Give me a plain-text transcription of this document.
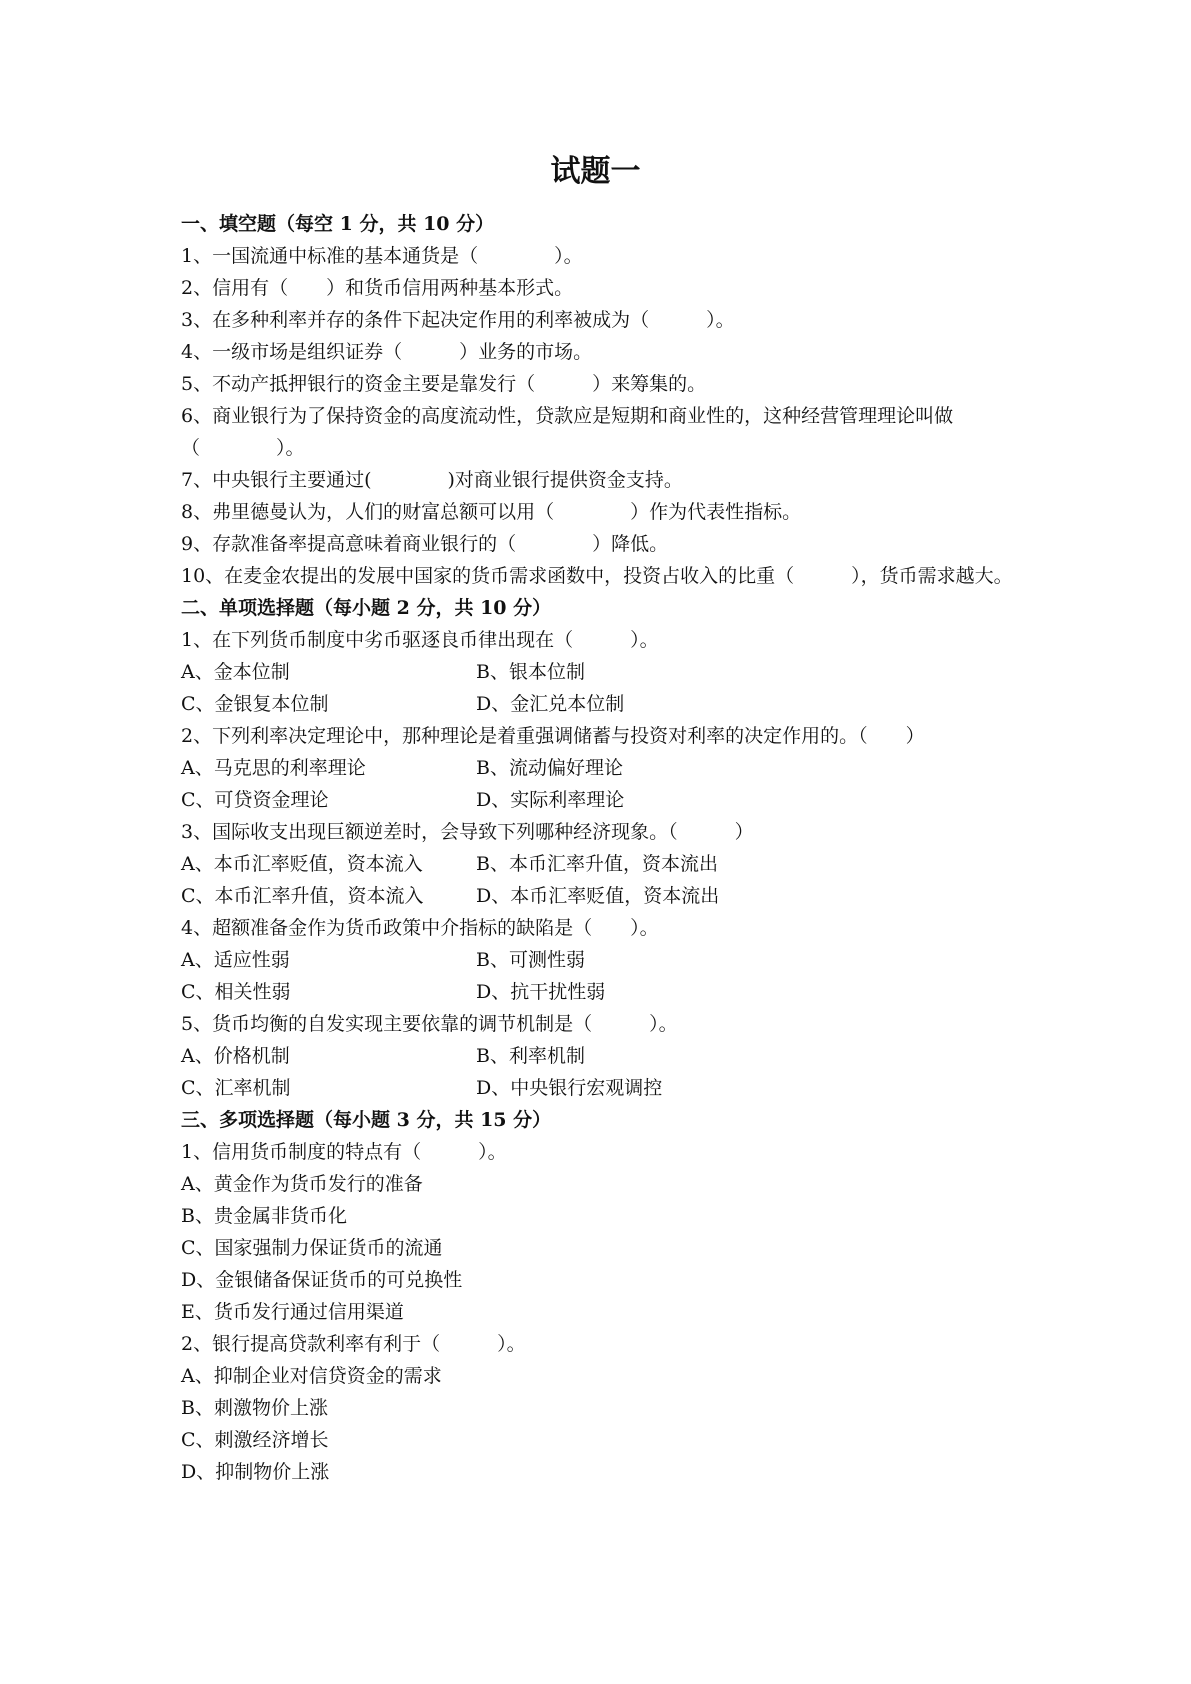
试题一
一、填空题（每空 1 分，共 10 分）
1、一国流通中标准的基本通货是（　　　　）。
2、信用有（　　）和货币信用两种基本形式。
3、在多种利率并存的条件下起决定作用的利率被成为（　　　）。
4、一级市场是组织证券（　　　）业务的市场。
5、不动产抵押银行的资金主要是靠发行（　　　）来筹集的。
6、商业银行为了保持资金的高度流动性，贷款应是短期和商业性的，这种经营管理理论叫做（　　　　）。
7、中央银行主要通过(　　　　)对商业银行提供资金支持。
8、弗里德曼认为，人们的财富总额可以用（　　　　）作为代表性指标。
9、存款准备率提高意味着商业银行的（　　　　）降低。
10、在麦金农提出的发展中国家的货币需求函数中，投资占收入的比重（　　　），货币需求越大。
二、单项选择题（每小题 2 分，共 10 分）
1、在下列货币制度中劣币驱逐良币律出现在（　　　）。
A、金本位制	B、银本位制
C、金银复本位制	D、金汇兑本位制
2、下列利率决定理论中，那种理论是着重强调储蓄与投资对利率的决定作用的。（　　）
A、马克思的利率理论	B、流动偏好理论
C、可贷资金理论	D、实际利率理论
3、国际收支出现巨额逆差时，会导致下列哪种经济现象。（　　　）
A、本币汇率贬值，资本流入	B、本币汇率升值，资本流出
C、本币汇率升值，资本流入	D、本币汇率贬值，资本流出
4、超额准备金作为货币政策中介指标的缺陷是（　　）。
A、适应性弱	B、可测性弱
C、相关性弱	D、抗干扰性弱
5、货币均衡的自发实现主要依靠的调节机制是（　　　）。
A、价格机制	B、利率机制
C、汇率机制	D、中央银行宏观调控
三、多项选择题（每小题 3 分，共 15 分）
1、信用货币制度的特点有（　　　）。
A、黄金作为货币发行的准备
B、贵金属非货币化
C、国家强制力保证货币的流通
D、金银储备保证货币的可兑换性
E、货币发行通过信用渠道
2、银行提高贷款利率有利于（　　　）。
A、抑制企业对信贷资金的需求
B、刺激物价上涨
C、刺激经济增长
D、抑制物价上涨
